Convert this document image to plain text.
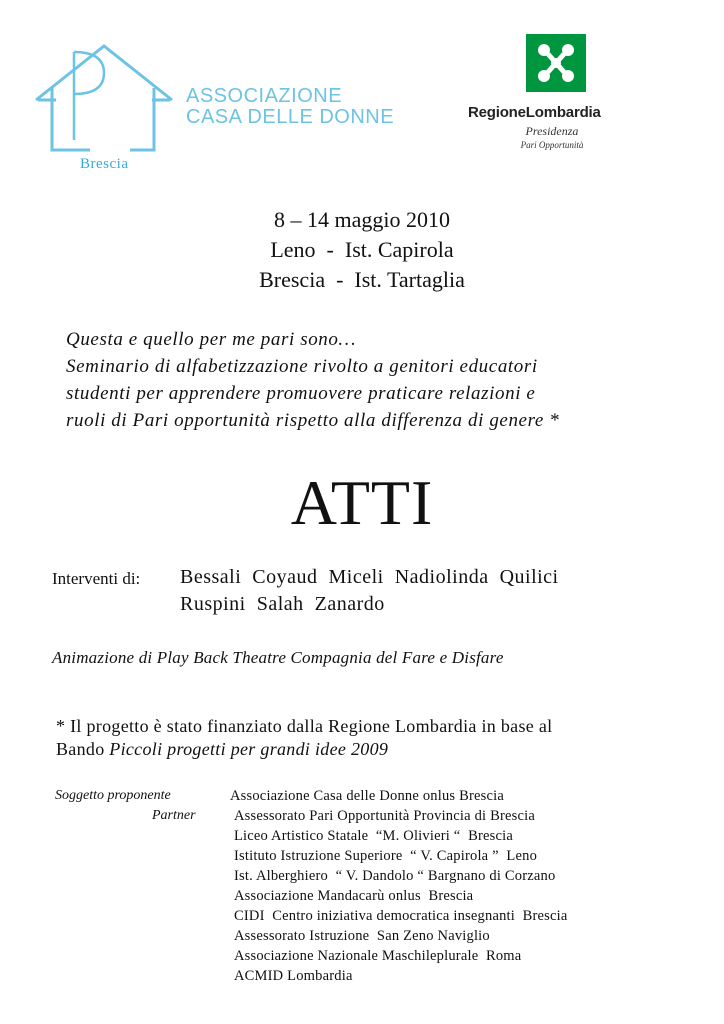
ASSOCIAZIONE
CASA DELLE DONNE
Brescia
RegioneLombardia
Presidenza
Pari Opportunità
8 – 14 maggio 2010
Leno  -  Ist. Capirola
Brescia  -  Ist. Tartaglia
Questa e quello per me pari sono…
Seminario di alfabetizzazione rivolto a genitori educatori
studenti per apprendere promuovere praticare relazioni e
ruoli di Pari opportunità rispetto alla differenza di genere *
ATTI
Interventi di: Bessali  Coyaud  Miceli  Nadiolinda  Quilici
Ruspini  Salah  Zanardo
Animazione di Play Back Theatre Compagnia del Fare e Disfare
* Il progetto è stato finanziato dalla Regione Lombardia in base al
Bando Piccoli progetti per grandi idee 2009
Soggetto proponente	Associazione Casa delle Donne onlus Brescia
Partner	Assessorato Pari Opportunità Provincia di Brescia
Liceo Artistico Statale  “M. Olivieri “  Brescia
Istituto Istruzione Superiore  “ V. Capirola ”  Leno
Ist. Alberghiero  “ V. Dandolo “ Bargnano di Corzano
Associazione Mandacarù onlus  Brescia
CIDI  Centro iniziativa democratica insegnanti  Brescia
Assessorato Istruzione  San Zeno Naviglio
Associazione Nazionale Maschileplurale  Roma
ACMID Lombardia
